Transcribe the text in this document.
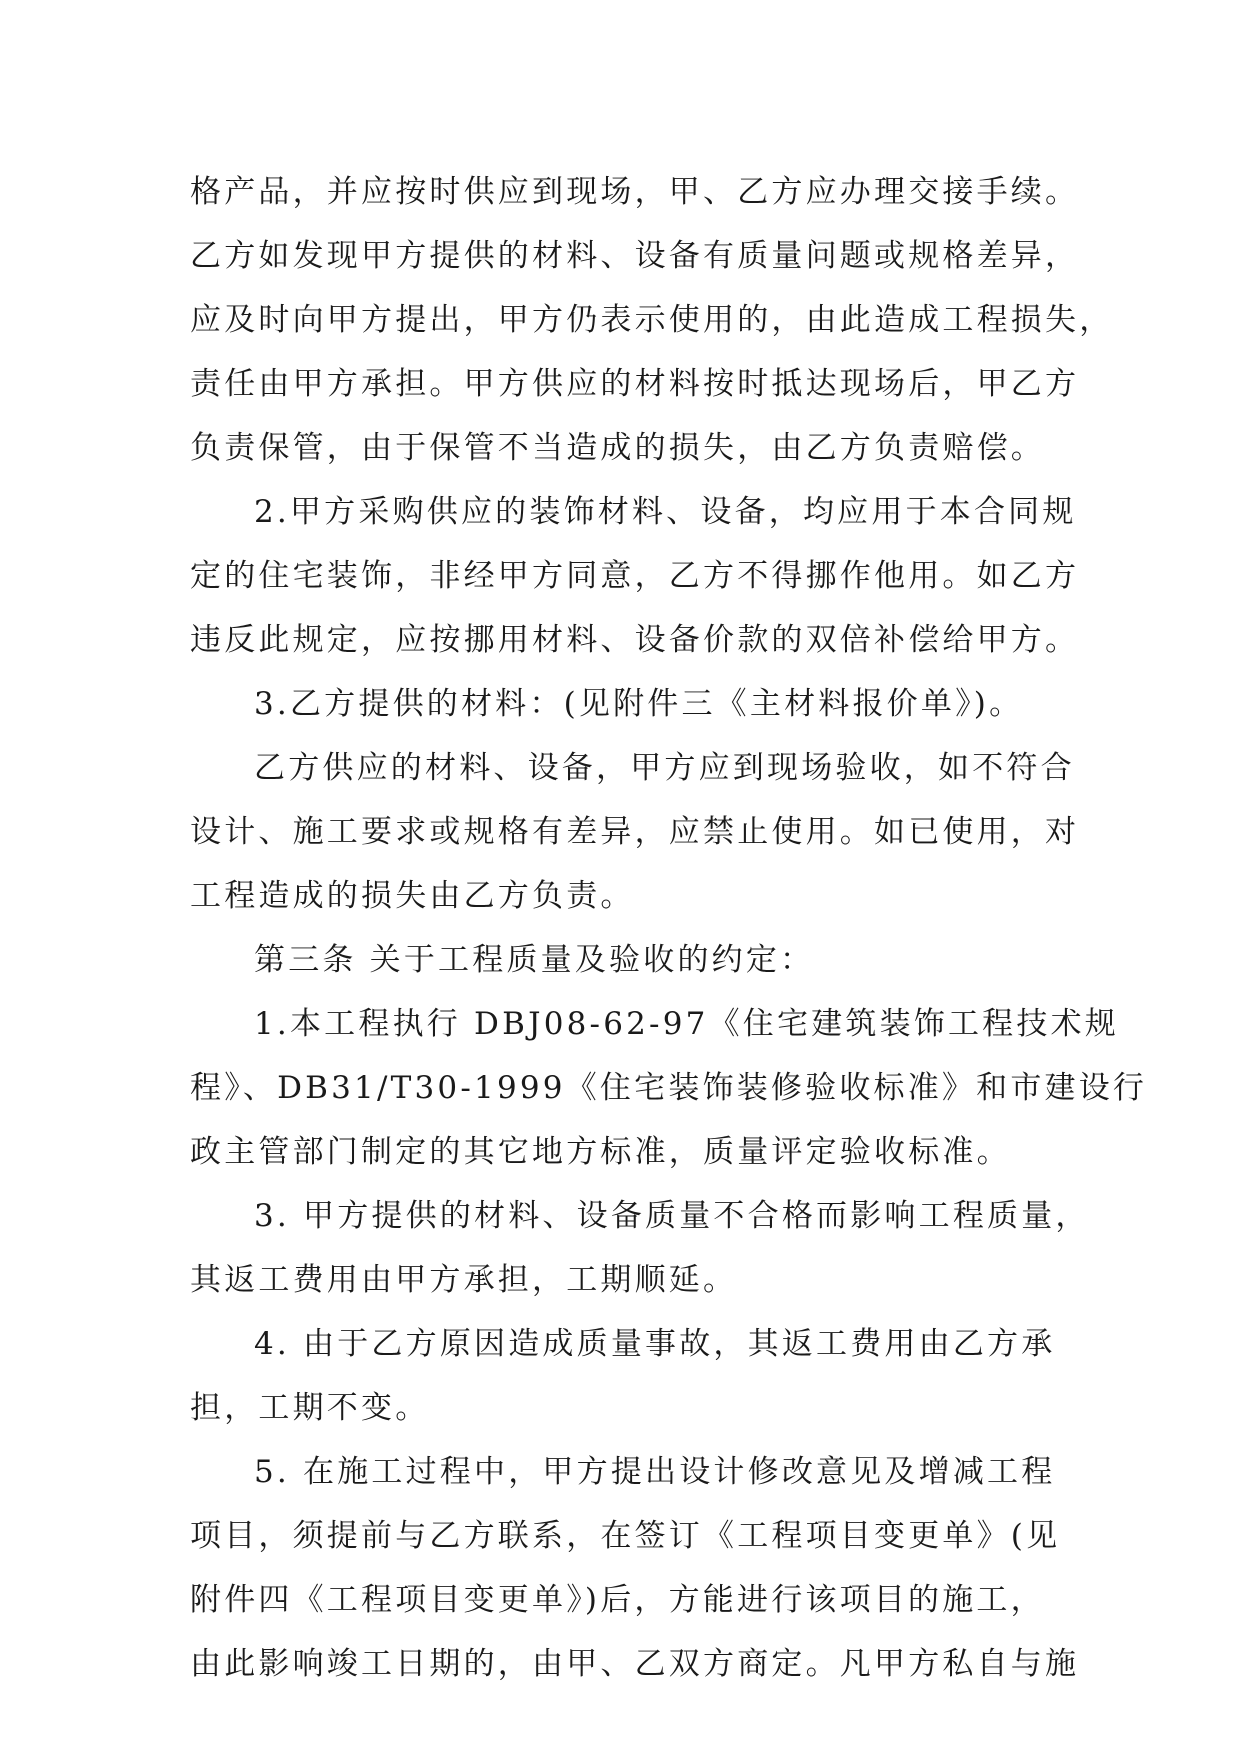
格产品，并应按时供应到现场，甲、乙方应办理交接手续。
乙方如发现甲方提供的材料、设备有质量问题或规格差异，
应及时向甲方提出，甲方仍表示使用的，由此造成工程损失，
责任由甲方承担。甲方供应的材料按时抵达现场后，甲乙方
负责保管，由于保管不当造成的损失，由乙方负责赔偿。
2.甲方采购供应的装饰材料、设备，均应用于本合同规
定的住宅装饰，非经甲方同意，乙方不得挪作他用。如乙方
违反此规定，应按挪用材料、设备价款的双倍补偿给甲方。
3.乙方提供的材料：(见附件三《主材料报价单》)。
乙方供应的材料、设备，甲方应到现场验收，如不符合
设计、施工要求或规格有差异，应禁止使用。如已使用，对
工程造成的损失由乙方负责。
第三条 关于工程质量及验收的约定：
1.本工程执行 DBJ08-62-97《住宅建筑装饰工程技术规
程》、DB31/T30-1999《住宅装饰装修验收标准》和市建设行
政主管部门制定的其它地方标准，质量评定验收标准。
3. 甲方提供的材料、设备质量不合格而影响工程质量，
其返工费用由甲方承担，工期顺延。
4. 由于乙方原因造成质量事故，其返工费用由乙方承
担，工期不变。
5. 在施工过程中，甲方提出设计修改意见及增减工程
项目，须提前与乙方联系，在签订《工程项目变更单》(见
附件四《工程项目变更单》)后，方能进行该项目的施工，
由此影响竣工日期的，由甲、乙双方商定。凡甲方私自与施
